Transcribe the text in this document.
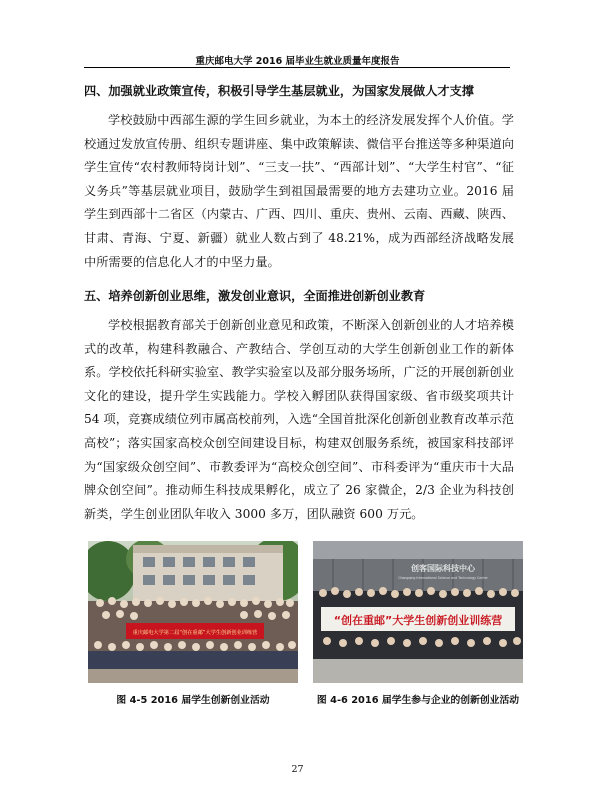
重庆邮电大学 2016 届毕业生就业质量年度报告
四、加强就业政策宣传，积极引导学生基层就业，为国家发展做人才支撑
学校鼓励中西部生源的学生回乡就业，为本土的经济发展发挥个人价值。学校通过发放宣传册、组织专题讲座、集中政策解读、微信平台推送等多种渠道向学生宣传“农村教师特岗计划”、“三支一扶”、“西部计划”、“大学生村官”、“征义务兵”等基层就业项目，鼓励学生到祖国最需要的地方去建功立业。2016 届学生到西部十二省区（内蒙古、广西、四川、重庆、贵州、云南、西藏、陕西、甘肃、青海、宁夏、新疆）就业人数占到了 48.21%，成为西部经济战略发展中所需要的信息化人才的中坚力量。
五、培养创新创业思维，激发创业意识，全面推进创新创业教育
学校根据教育部关于创新创业意见和政策，不断深入创新创业的人才培养模式的改革，构建科教融合、产教结合、学创互动的大学生创新创业工作的新体系。学校依托科研实验室、教学实验室以及部分服务场所，广泛的开展创新创业文化的建设，提升学生实践能力。学校入孵团队获得国家级、省市级奖项共计 54 项，竞赛成绩位列市属高校前列，入选“全国首批深化创新创业教育改革示范高校”；落实国家高校众创空间建设目标，构建双创服务系统，被国家科技部评为“国家级众创空间”、市教委评为“高校众创空间”、市科委评为“重庆市十大品牌众创空间”。推动师生科技成果孵化，成立了 26 家微企，2/3 企业为科技创新类，学生创业团队年收入 3000 多万，团队融资 600 万元。
重庆邮电大学第二届“创在重邮”大学生创新创业训练营
图 4-5 2016 届学生创新创业活动
创客国际科技中心
Chongqing International Science and Technology Center
“创在重邮”大学生创新创业训练营
图 4-6 2016 届学生参与企业的创新创业活动
27
